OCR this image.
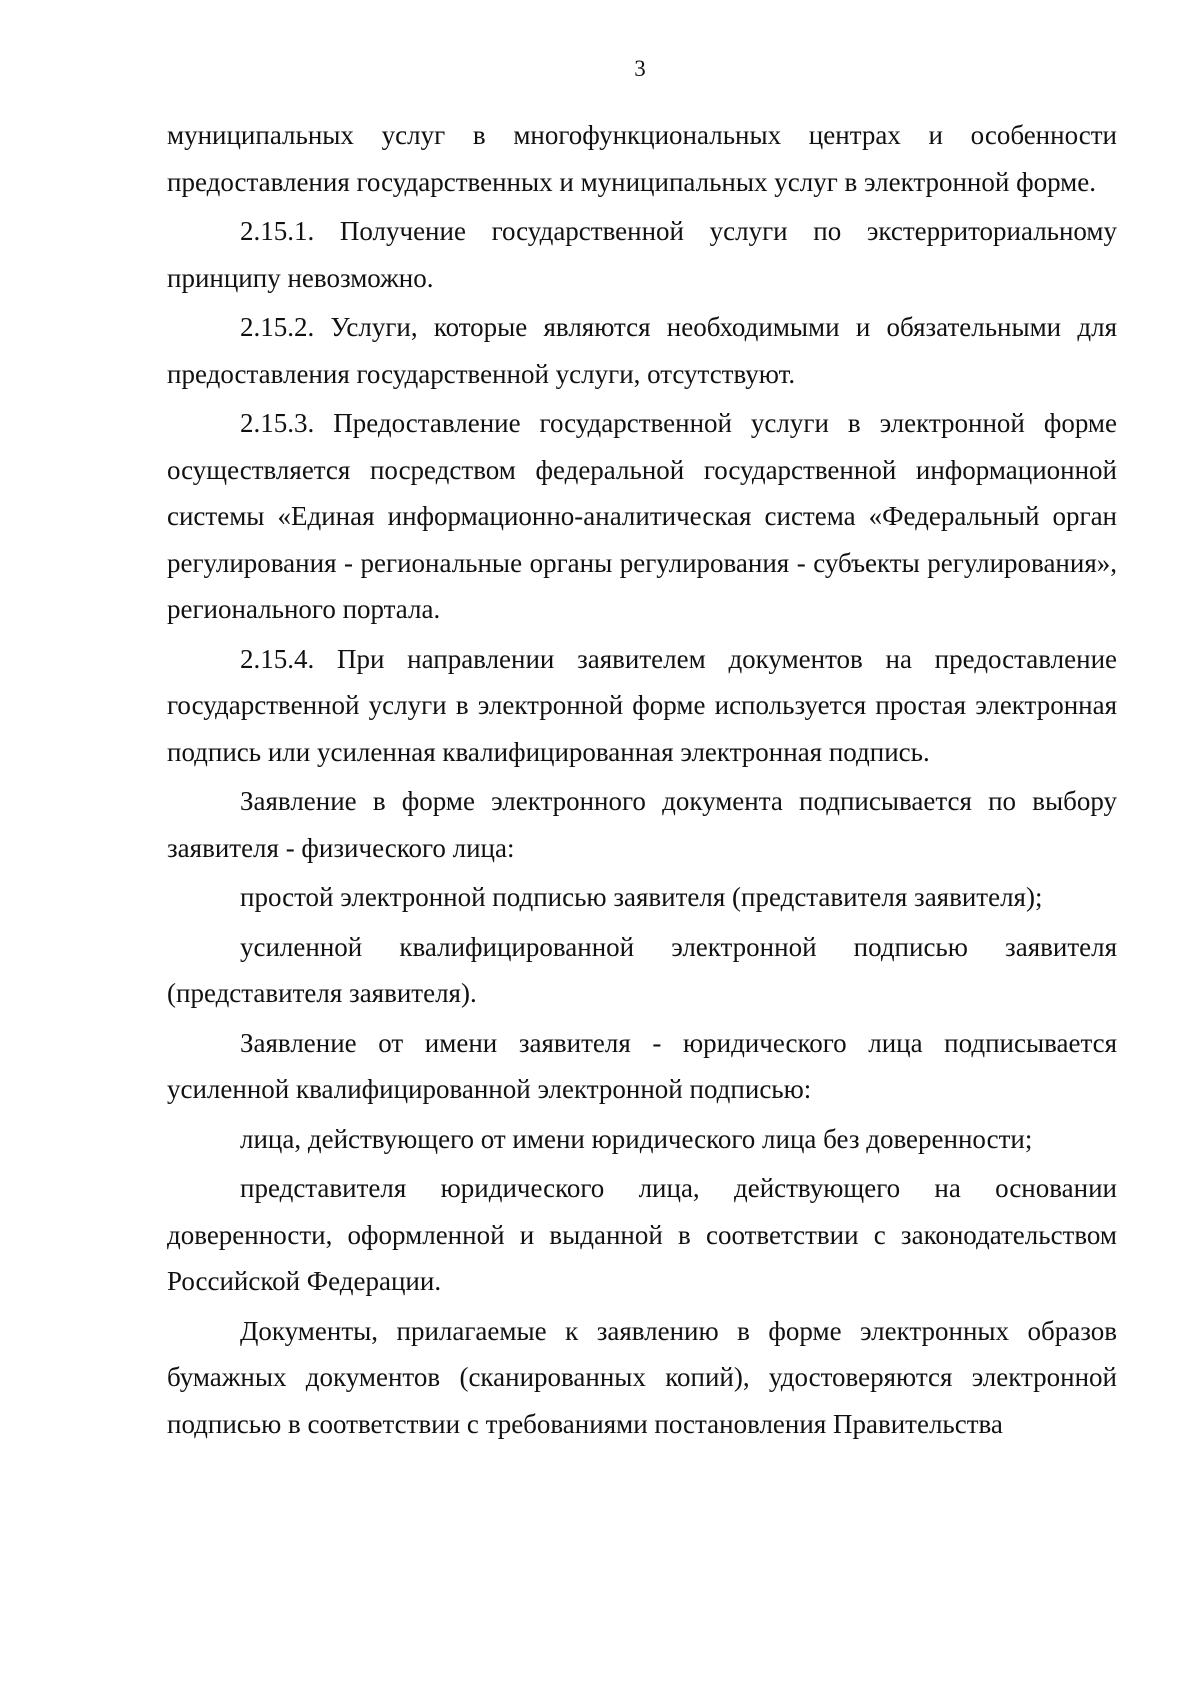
3

муниципальных услуг в многофункциональных центрах и особенности предоставления государственных и муниципальных услуг в электронной форме.

2.15.1. Получение государственной услуги по экстерриториальному принципу невозможно.

2.15.2. Услуги, которые являются необходимыми и обязательными для предоставления государственной услуги, отсутствуют.

2.15.3. Предоставление государственной услуги в электронной форме осуществляется посредством федеральной государственной информационной системы «Единая информационно-аналитическая система «Федеральный орган регулирования - региональные органы регулирования - субъекты регулирования», регионального портала.

2.15.4. При направлении заявителем документов на предоставление государственной услуги в электронной форме используется простая электронная подпись или усиленная квалифицированная электронная подпись.

Заявление в форме электронного документа подписывается по выбору заявителя - физического лица:

простой электронной подписью заявителя (представителя заявителя);

усиленной квалифицированной электронной подписью заявителя (представителя заявителя).

Заявление от имени заявителя - юридического лица подписывается усиленной квалифицированной электронной подписью:

лица, действующего от имени юридического лица без доверенности;

представителя юридического лица, действующего на основании доверенности, оформленной и выданной в соответствии с законодательством Российской Федерации.

Документы, прилагаемые к заявлению в форме электронных образов бумажных документов (сканированных копий), удостоверяются электронной подписью в соответствии с требованиями постановления Правительства
